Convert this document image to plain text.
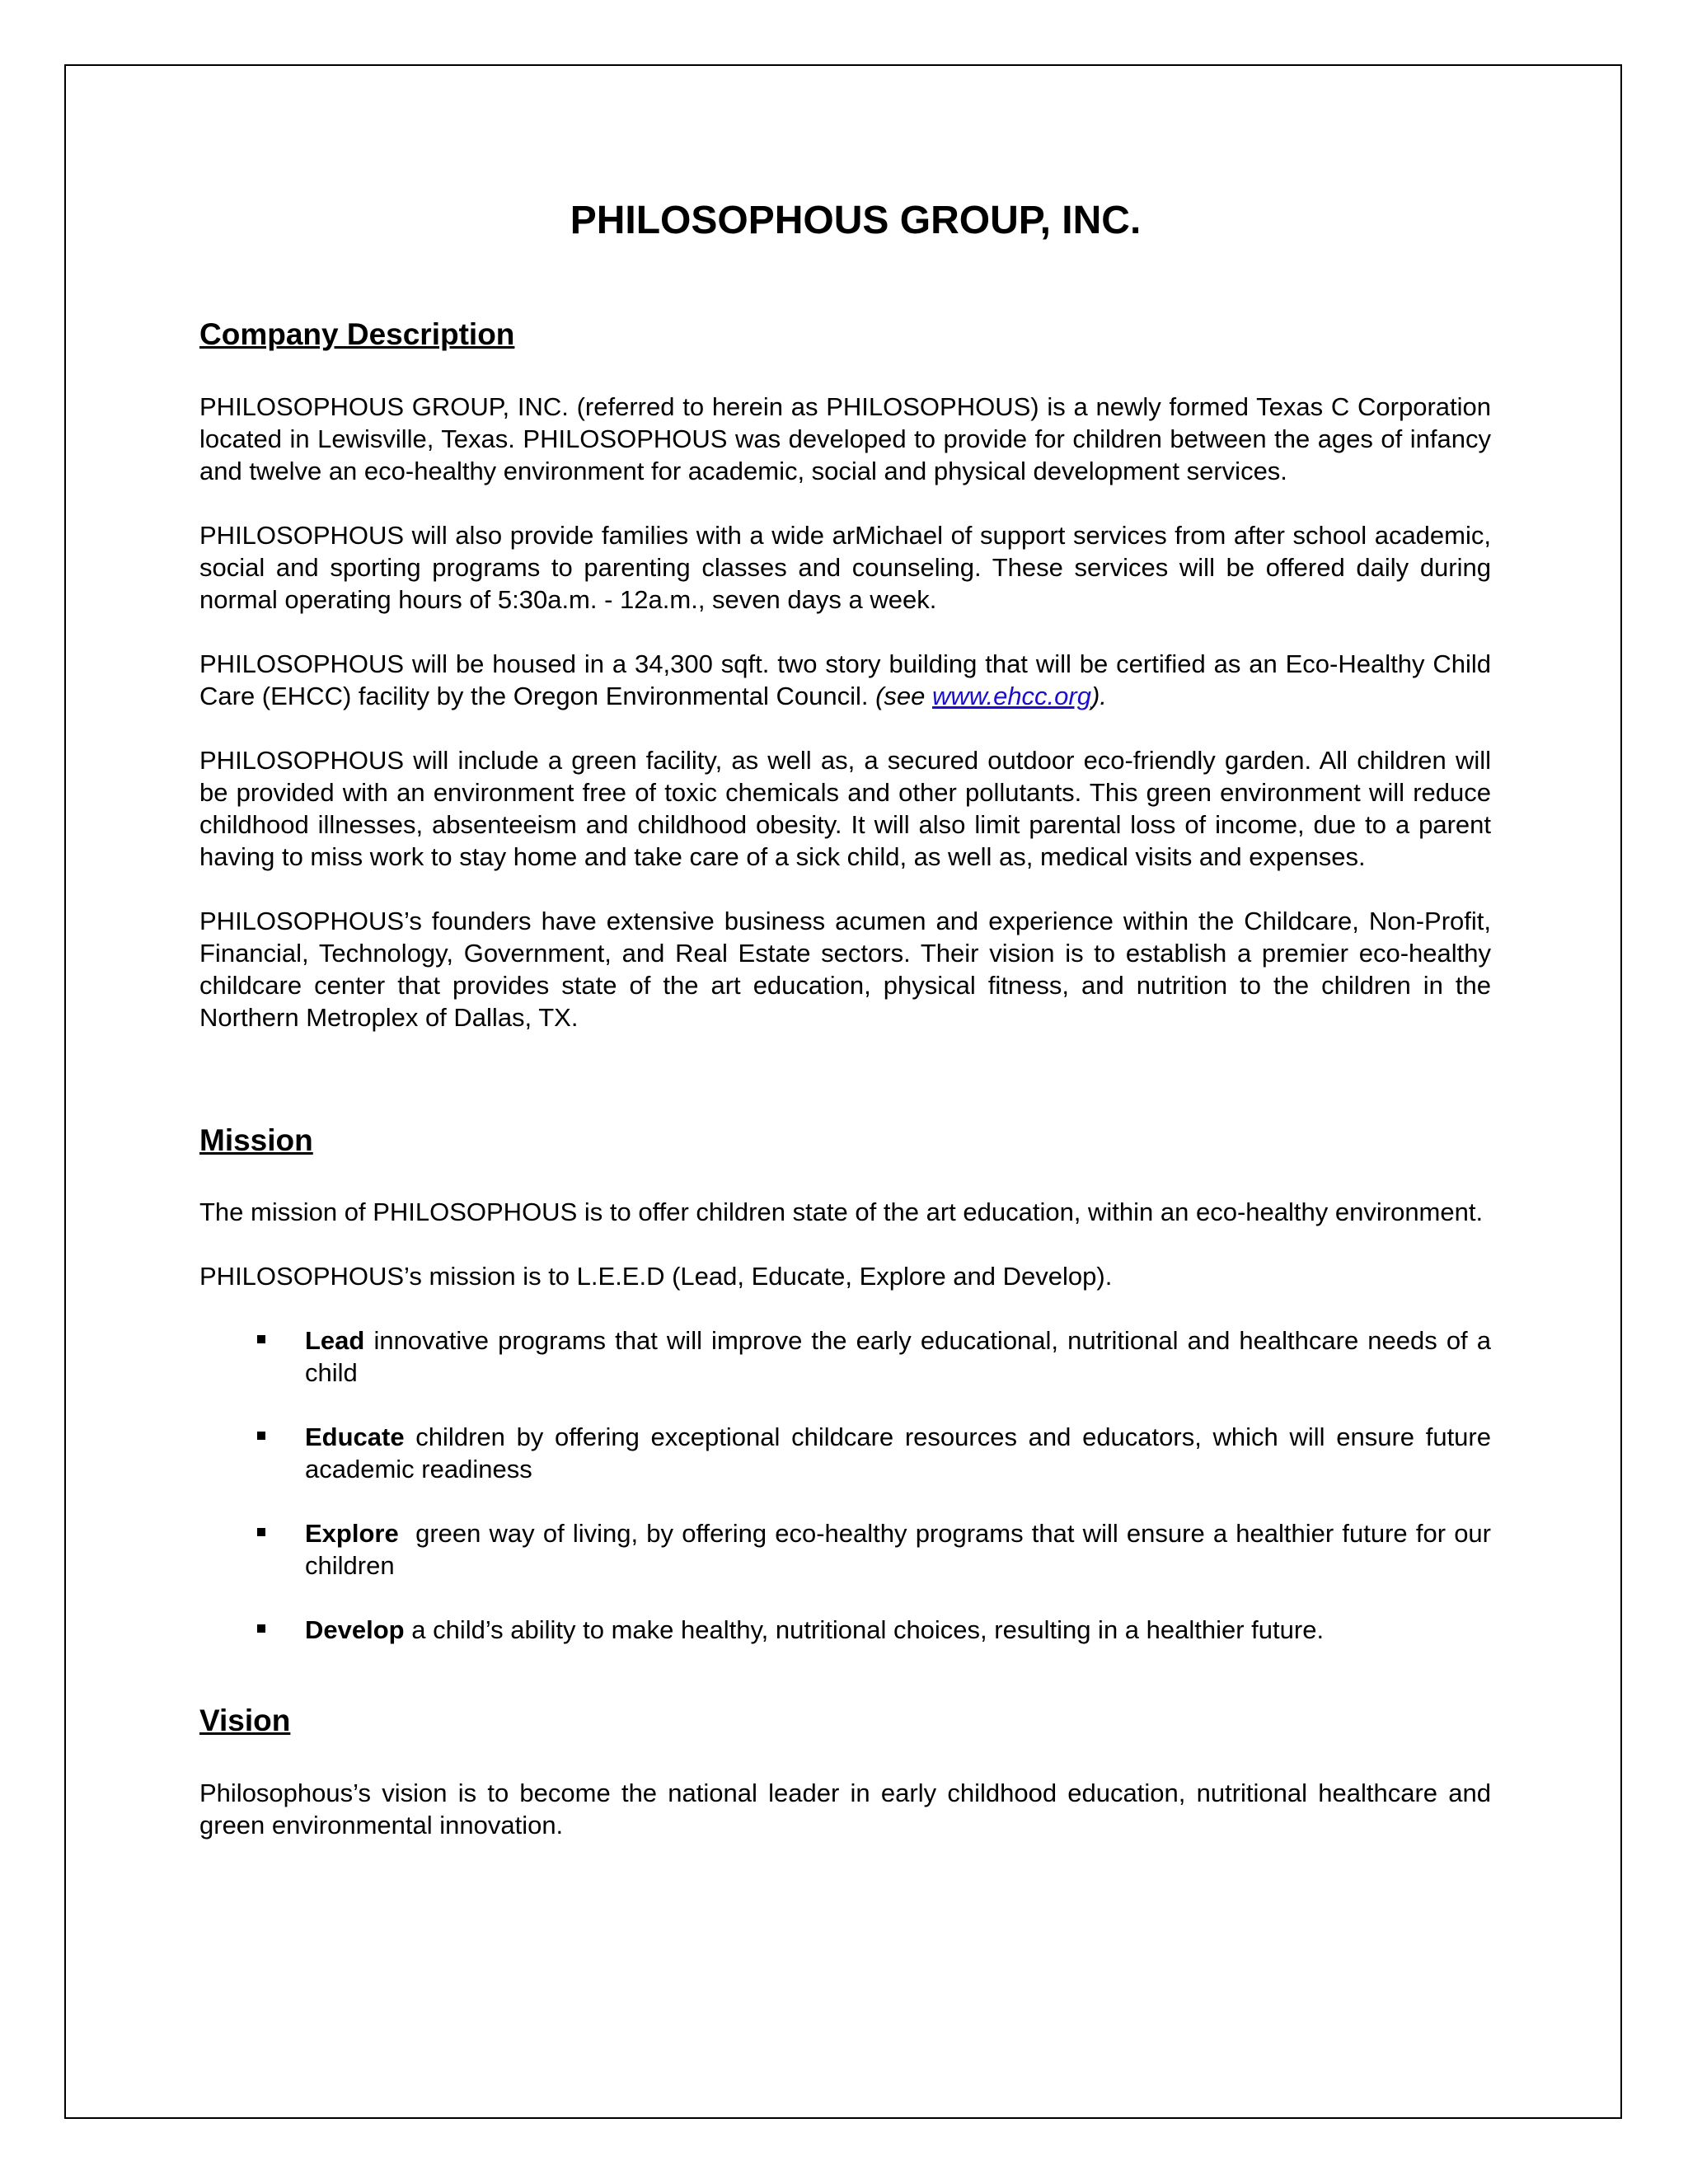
PHILOSOPHOUS GROUP, INC.
Company Description

PHILOSOPHOUS GROUP, INC. (referred to herein as PHILOSOPHOUS) is a newly formed Texas C Corporation located in Lewisville, Texas. PHILOSOPHOUS was developed to provide for children between the ages of infancy and twelve an eco-healthy environment for academic, social and physical development services.

PHILOSOPHOUS will also provide families with a wide arMichael of support services from after school academic, social and sporting programs to parenting classes and counseling. These services will be offered daily during normal operating hours of 5:30a.m. - 12a.m., seven days a week.

PHILOSOPHOUS will be housed in a 34,300 sqft. two story building that will be certified as an Eco-Healthy Child Care (EHCC) facility by the Oregon Environmental Council. (see www.ehcc.org).

PHILOSOPHOUS will include a green facility, as well as, a secured outdoor eco-friendly garden. All children will be provided with an environment free of toxic chemicals and other pollutants. This green environment will reduce childhood illnesses, absenteeism and childhood obesity. It will also limit parental loss of income, due to a parent having to miss work to stay home and take care of a sick child, as well as, medical visits and expenses.

PHILOSOPHOUS’s founders have extensive business acumen and experience within the Childcare, Non-Profit, Financial, Technology, Government, and Real Estate sectors. Their vision is to establish a premier eco-healthy childcare center that provides state of the art education, physical fitness, and nutrition to the children in the Northern Metroplex of Dallas, TX.

Mission

The mission of PHILOSOPHOUS is to offer children state of the art education, within an eco-healthy environment.

PHILOSOPHOUS’s mission is to L.E.E.D (Lead, Educate, Explore and Develop).

Lead innovative programs that will improve the early educational, nutritional and healthcare needs of a child
Educate children by offering exceptional childcare resources and educators, which will ensure future academic readiness
Explore  green way of living, by offering eco-healthy programs that will ensure a healthier future for our children
Develop a child’s ability to make healthy, nutritional choices, resulting in a healthier future.
Vision

Philosophous’s vision is to become the national leader in early childhood education, nutritional healthcare and green environmental innovation.
